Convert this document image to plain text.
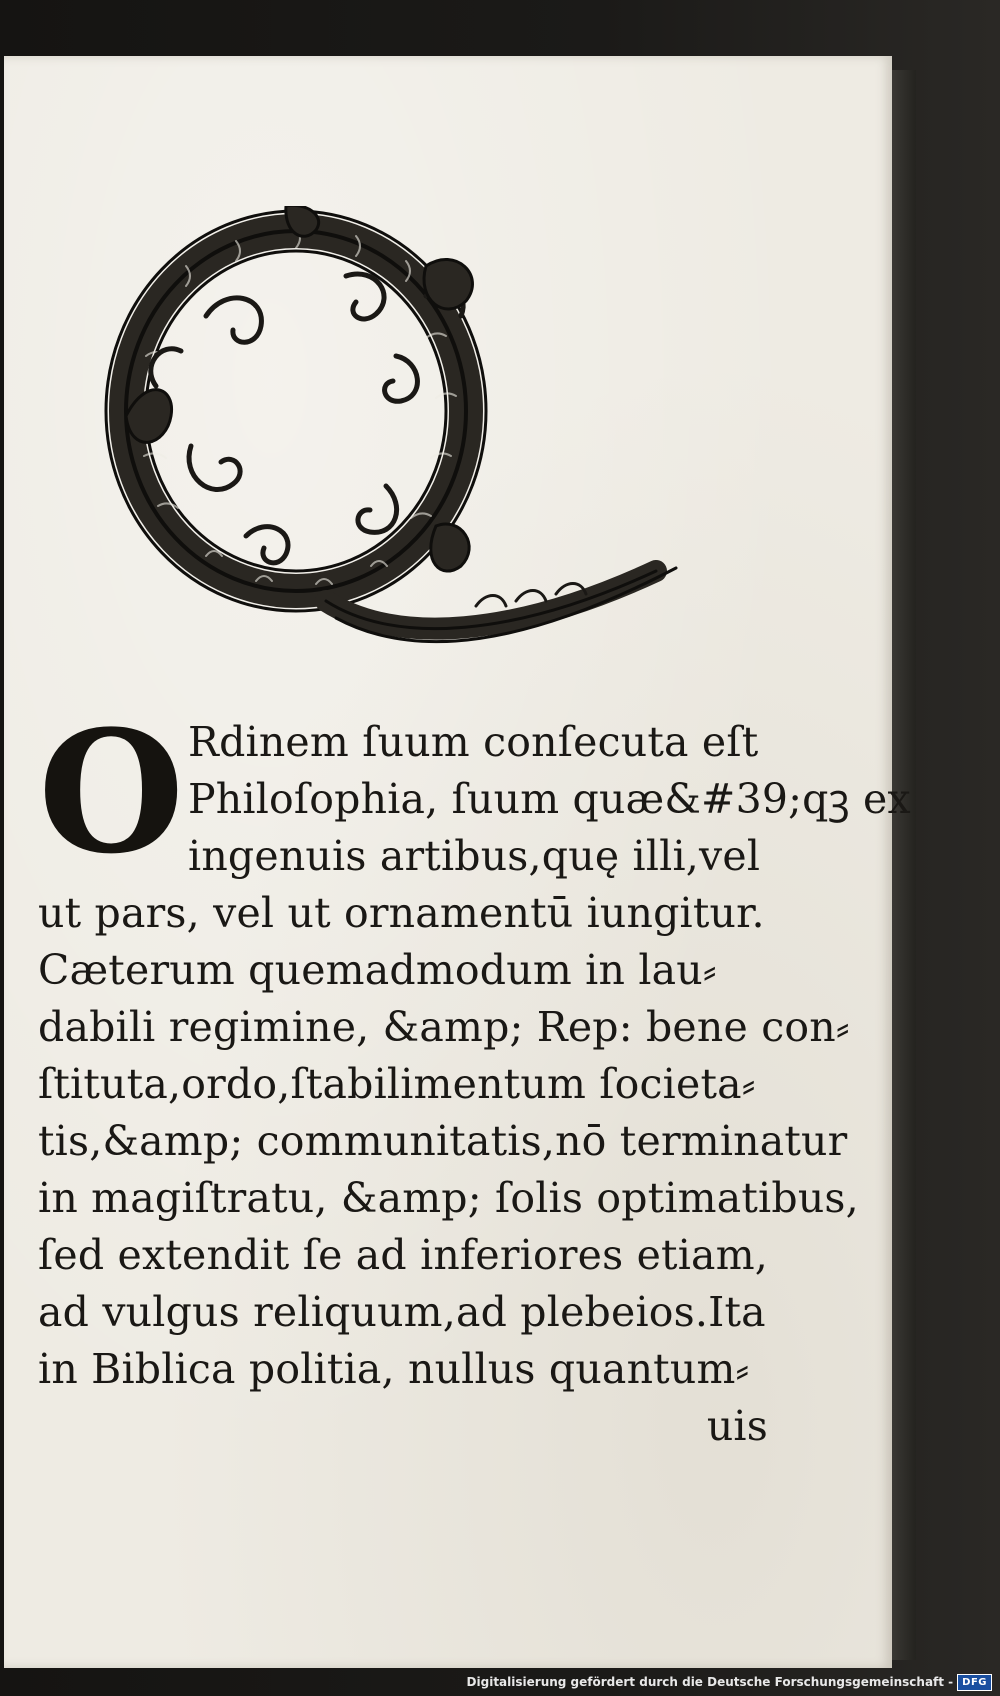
O Rdinem ſuum conſecuta eſt
Philoſophia, ſuum quæ&#39;qꝫ ex
ingenuis artibus,quę illi,vel
ut pars, vel ut ornamentū iungitur.
Cæterum quemadmodum in lau⸗
dabili regimine, &amp; Rep: bene con⸗
ſtituta,ordo,ſtabilimentum ſocieta⸗
tis,&amp; communitatis,nō terminatur
in magiſtratu, &amp; ſolis optimatibus,
ſed extendit ſe ad inferiores etiam,
ad vulgus reliquum,ad plebeios.Ita
in Biblica politia, nullus quantum⸗
uis
Digitalisierung gefördert durch die Deutsche Forschungsgemeinschaft - DFG
